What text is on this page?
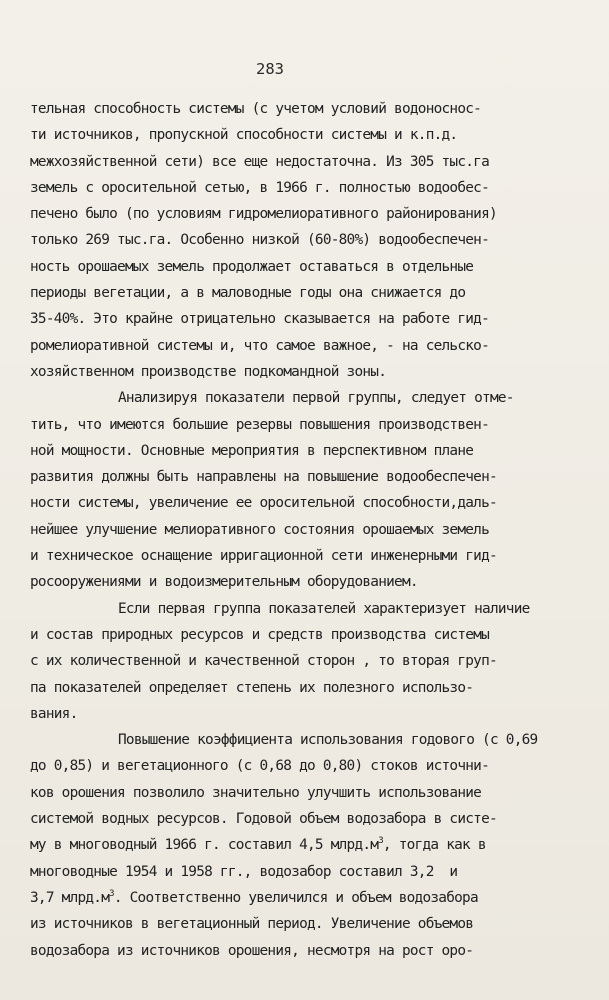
283
тельная способность системы (с учетом условий водоноснос-
ти источников, пропускной способности системы и к.п.д.
межхозяйственной сети) все еще недостаточна. Из 305 тыс.га
земель с оросительной сетью, в 1966 г. полностью водообес-
печено было (по условиям гидромелиоративного районирования)
только 269 тыс.га. Особенно низкой (60-80%) водообеспечен-
ность орошаемых земель продолжает оставаться в отдельные
периоды вегетации, а в маловодные годы она снижается до
35-40%. Это крайне отрицательно сказывается на работе гид-
ромелиоративной системы и, что самое важное, - на сельско-
хозяйственном производстве подкомандной зоны.
Анализируя показатели первой группы, следует отме-
тить, что имеются большие резервы повышения производствен-
ной мощности. Основные мероприятия в перспективном плане
развития должны быть направлены на повышение водообеспечен-
ности системы, увеличение ее оросительной способности,даль-
нейшее улучшение мелиоративного состояния орошаемых земель
и техническое оснащение ирригационной сети инженерными гид-
росооружениями и водоизмерительным оборудованием.
Если первая группа показателей характеризует наличие
и состав природных ресурсов и средств производства системы
с их количественной и качественной сторон , то вторая груп-
па показателей определяет степень их полезного использо-
вания.
Повышение коэффициента использования годового (с 0,69
до 0,85) и вегетационного (с 0,68 до 0,80) стоков источни-
ков орошения позволило значительно улучшить использование
системой водных ресурсов. Годовой объем водозабора в систе-
му в многоводный 1966 г. составил 4,5 $млрд.м^3$, тогда как в
многоводные 1954 и 1958 гг., водозабор составил 3,2  и
3,7 $млрд.м^3$. Соответственно увеличился и объем водозабора
из источников в вегетационный период. Увеличение объемов
водозабора из источников орошения, несмотря на рост оро-
